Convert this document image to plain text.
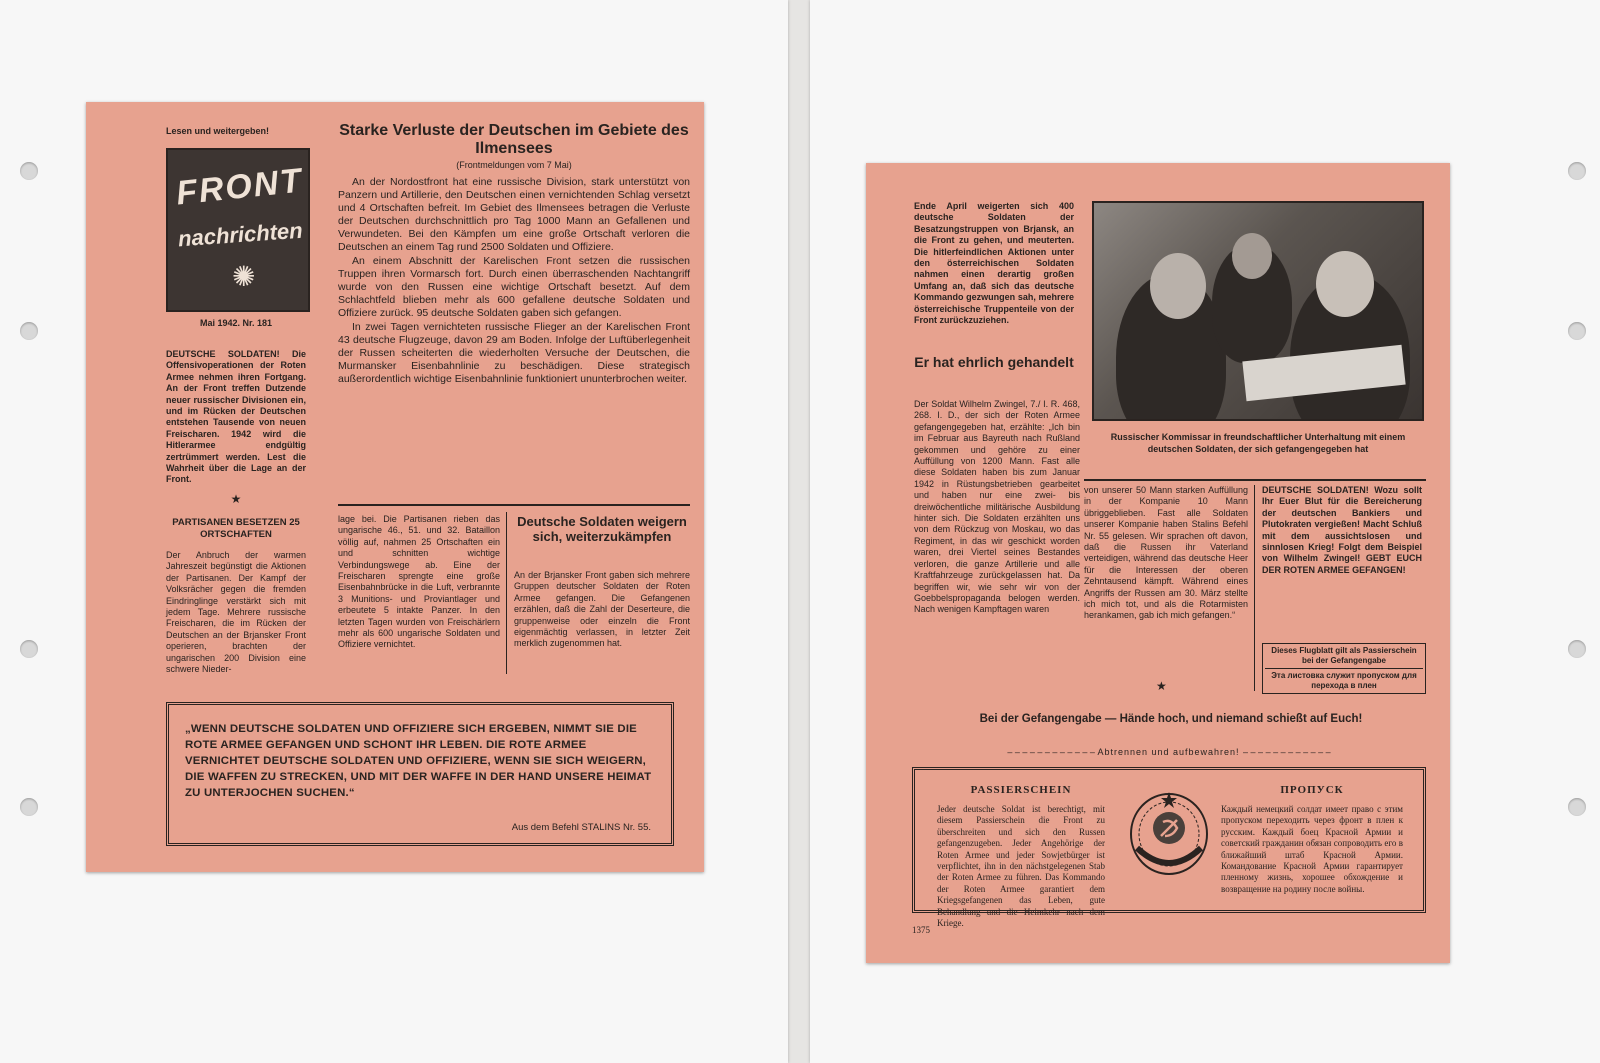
Lesen und weitergeben!
FRONT
nachrichten
✺
Mai 1942. Nr. 181
DEUTSCHE SOLDATEN! Die Offensivoperationen der Roten Armee nehmen ihren Fortgang. An der Front treffen Dutzende neuer russischer Divisionen ein, und im Rücken der Deutschen entstehen Tausende von neuen Freischaren. 1942 wird die Hitlerarmee endgültig zertrümmert werden. Lest die Wahrheit über die Lage an der Front.
★
PARTISANEN BESETZEN 25 ORTSCHAFTEN
Der Anbruch der warmen Jahreszeit begünstigt die Aktionen der Partisanen. Der Kampf der Volksrächer gegen die fremden Eindringlinge verstärkt sich mit jedem Tage. Mehrere russische Freischaren, die im Rücken der Deutschen an der Brjansker Front operieren, brachten der ungarischen 200 Division eine schwere Nieder-
Starke Verluste der Deutschen im Gebiete des Ilmensees
(Frontmeldungen vom 7 Mai)

An der Nordostfront hat eine russische Division, stark unterstützt von Panzern und Artillerie, den Deutschen einen vernichtenden Schlag versetzt und 4 Ortschaften befreit. Im Gebiet des Ilmensees betragen die Verluste der Deutschen durchschnittlich pro Tag 1000 Mann an Gefallenen und Verwundeten. Bei den Kämpfen um eine große Ortschaft verloren die Deutschen an einem Tag rund 2500 Soldaten und Offiziere.

An einem Abschnitt der Karelischen Front setzen die russischen Truppen ihren Vormarsch fort. Durch einen überraschenden Nachtangriff wurde von den Russen eine wichtige Ortschaft besetzt. Auf dem Schlachtfeld blieben mehr als 600 gefallene deutsche Soldaten und Offiziere zurück. 95 deutsche Soldaten gaben sich gefangen.

In zwei Tagen vernichteten russische Flieger an der Karelischen Front 43 deutsche Flugzeuge, davon 29 am Boden. Infolge der Luftüberlegenheit der Russen scheiterten die wiederholten Versuche der Deutschen, die Murmansker Eisenbahnlinie zu beschädigen. Diese strategisch außerordentlich wichtige Eisenbahnlinie funktioniert ununterbrochen weiter.

lage bei. Die Partisanen rieben das ungarische 46., 51. und 32. Bataillon völlig auf, nahmen 25 Ortschaften ein und schnitten wichtige Verbindungswege ab. Eine der Freischaren sprengte eine große Eisenbahnbrücke in die Luft, verbrannte 3 Munitions- und Proviantlager und erbeutete 5 intakte Panzer. In den letzten Tagen wurden von Freischärlern mehr als 600 ungarische Soldaten und Offiziere vernichtet.
Deutsche Soldaten weigern sich, weiterzukämpfen
An der Brjansker Front gaben sich mehrere Gruppen deutscher Soldaten der Roten Armee gefangen. Die Gefangenen erzählen, daß die Zahl der Deserteure, die gruppenweise oder einzeln die Front eigenmächtig verlassen, in letzter Zeit merklich zugenommen hat.
„WENN DEUTSCHE SOLDATEN UND OFFIZIERE SICH ERGEBEN, NIMMT SIE DIE ROTE ARMEE GEFANGEN UND SCHONT IHR LEBEN. DIE ROTE ARMEE VERNICHTET DEUTSCHE SOLDATEN UND OFFIZIERE, WENN SIE SICH WEIGERN, DIE WAFFEN ZU STRECKEN, UND MIT DER WAFFE IN DER HAND UNSERE HEIMAT ZU UNTERJOCHEN SUCHEN.“
Aus dem Befehl STALINS Nr. 55.
Ende April weigerten sich 400 deutsche Soldaten der Besatzungstruppen von Brjansk, an die Front zu gehen, und meuterten. Die hitlerfeindlichen Aktionen unter den österreichischen Soldaten nahmen einen derartig großen Umfang an, daß sich das deutsche Kommando gezwungen sah, mehrere österreichische Truppenteile von der Front zurückzuziehen.
Russischer Kommissar in freundschaftlicher Unterhaltung mit einem deutschen Soldaten, der sich gefangengegeben hat
Er hat ehrlich gehandelt
Der Soldat Wilhelm Zwingel, 7./ I. R. 468, 268. I. D., der sich der Roten Armee gefangengegeben hat, erzählte: „Ich bin im Februar aus Bayreuth nach Rußland gekommen und gehöre zu einer Auffüllung von 1200 Mann. Fast alle diese Soldaten haben bis zum Januar 1942 in Rüstungsbetrieben gearbeitet und haben nur eine zwei- bis dreiwöchentliche militärische Ausbildung hinter sich. Die Soldaten erzählten uns von dem Rückzug von Moskau, wo das Regiment, in das wir geschickt worden waren, drei Viertel seines Bestandes verloren, die ganze Artillerie und alle Kraftfahrzeuge zurückgelassen hat. Da begriffen wir, wie sehr wir von der Goebbelspropaganda belogen werden. Nach wenigen Kampftagen waren
von unserer 50 Mann starken Auffüllung in der Kompanie 10 Mann übriggeblieben. Fast alle Soldaten unserer Kompanie haben Stalins Befehl Nr. 55 gelesen. Wir sprachen oft davon, daß die Russen ihr Vaterland verteidigen, während das deutsche Heer für die Interessen der oberen Zehntausend kämpft. Während eines Angriffs der Russen am 30. März stellte ich mich tot, und als die Rotarmisten herankamen, gab ich mich gefangen.“
★
DEUTSCHE SOLDATEN! Wozu sollt Ihr Euer Blut für die Bereicherung der deutschen Bankiers und Plutokraten vergießen! Macht Schluß mit dem aussichtslosen und sinnlosen Krieg! Folgt dem Beispiel von Wilhelm Zwingel! GEBT EUCH DER ROTEN ARMEE GEFANGEN!
Dieses Flugblatt gilt als Passierschein bei der Gefangengabe
Эта листовка служит пропуском для перехода в плен
Bei der Gefangengabe — Hände hoch, und niemand schießt auf Euch!
– – – – – – – – – – – – Abtrennen und aufbewahren! – – – – – – – – – – – –
PASSIERSCHEIN
Jeder deutsche Soldat ist berechtigt, mit diesem Passierschein die Front zu überschreiten und sich den Russen gefangenzugeben. Jeder Angehörige der Roten Armee und jeder Sowjetbürger ist verpflichtet, ihn in den nächstgelegenen Stab der Roten Armee zu führen. Das Kommando der Roten Armee garantiert dem Kriegsgefangenen das Leben, gute Behandlung und die Heimkehr nach dem Kriege.
ПРОПУСК
Каждый немецкий солдат имеет право с этим пропуском переходить через фронт в плен к русским. Каждый боец Красной Армии и советский гражданин обязан сопроводить его в ближайший штаб Красной Армии. Командование Красной Армии гарантирует пленному жизнь, хорошее обхождение и возвращение на родину после войны.
1375
